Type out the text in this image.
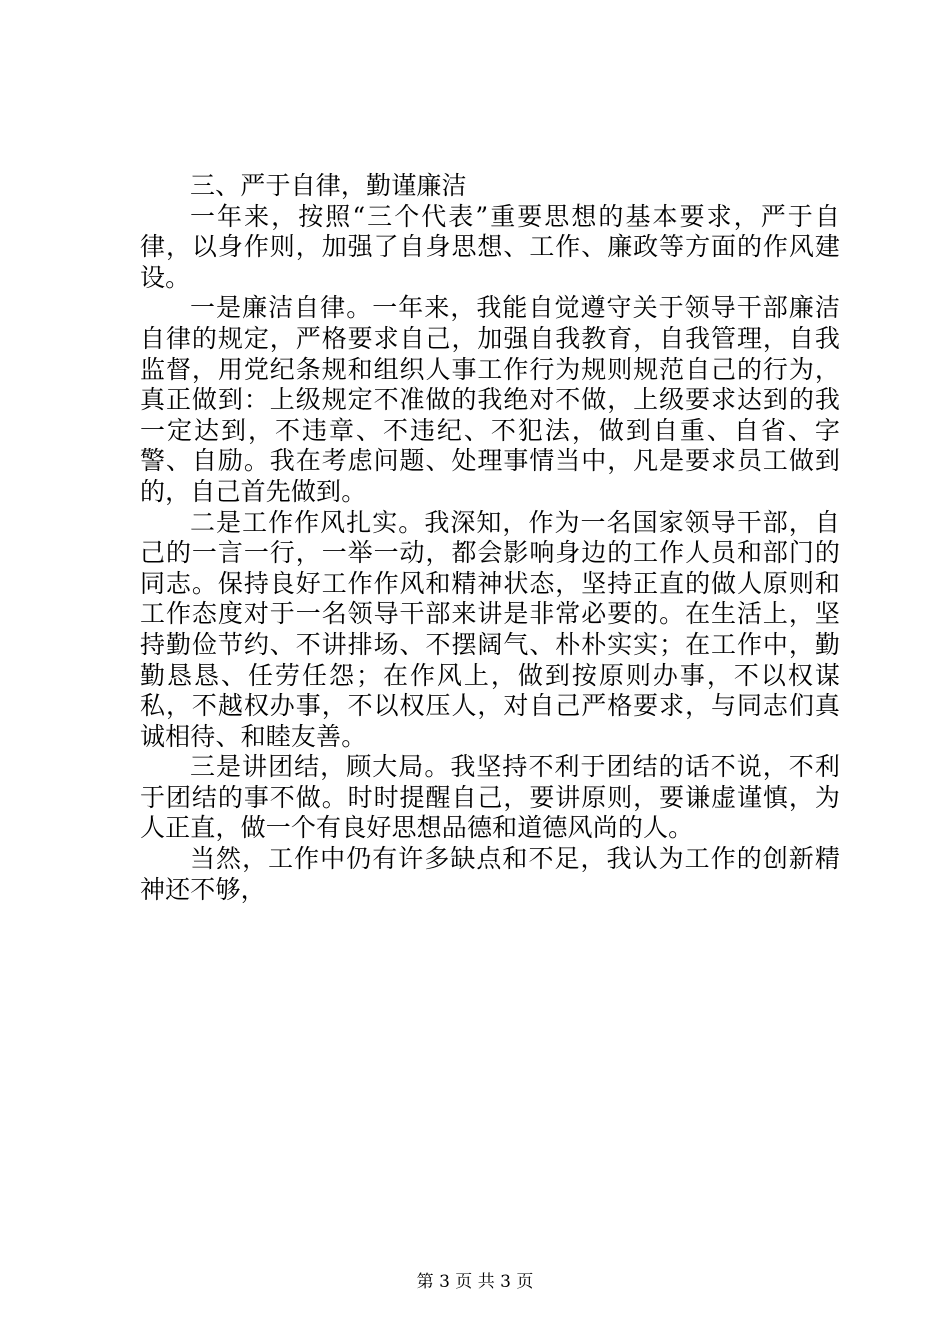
三、严于自律，勤谨廉洁

一年来，按照“三个代表”重要思想的基本要求，严于自律，以身作则，加强了自身思想、工作、廉政等方面的作风建设。

一是廉洁自律。一年来，我能自觉遵守关于领导干部廉洁自律的规定，严格要求自己，加强自我教育，自我管理，自我监督，用党纪条规和组织人事工作行为规则规范自己的行为，真正做到：上级规定不准做的我绝对不做，上级要求达到的我一定达到，不违章、不违纪、不犯法，做到自重、自省、字警、自励。我在考虑问题、处理事情当中，凡是要求员工做到的，自己首先做到。

二是工作作风扎实。我深知，作为一名国家领导干部，自己的一言一行，一举一动，都会影响身边的工作人员和部门的同志。保持良好工作作风和精神状态，坚持正直的做人原则和工作态度对于一名领导干部来讲是非常必要的。在生活上，坚持勤俭节约、不讲排场、不摆阔气、朴朴实实；在工作中，勤勤恳恳、任劳任怨；在作风上，做到按原则办事，不以权谋私，不越权办事，不以权压人，对自己严格要求，与同志们真诚相待、和睦友善。

三是讲团结，顾大局。我坚持不利于团结的话不说，不利于团结的事不做。时时提醒自己，要讲原则，要谦虚谨慎，为人正直，做一个有良好思想品德和道德风尚的人。

当然，工作中仍有许多缺点和不足，我认为工作的创新精神还不够，

第 3 页 共 3 页
